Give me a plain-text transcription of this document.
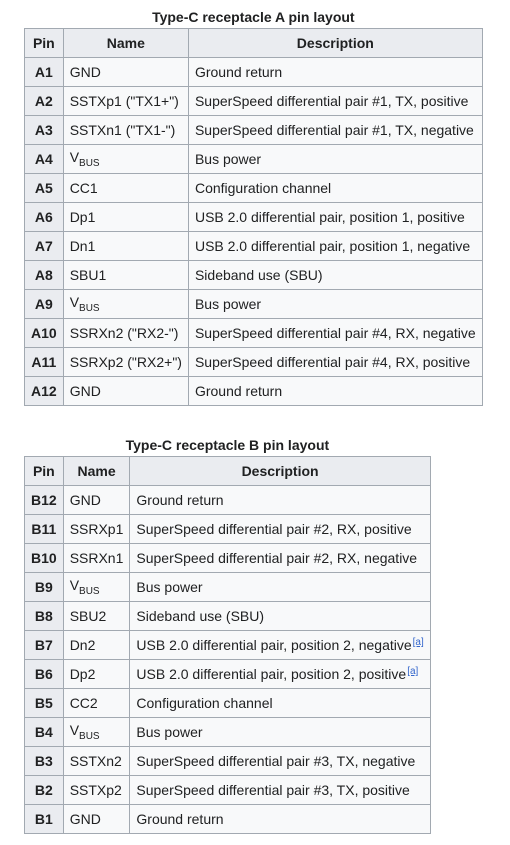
Type-C receptacle A pin layout
Pin	Name	Description
A1	GND	Ground return
A2	SSTXp1 ("TX1+")	SuperSpeed differential pair #1, TX, positive
A3	SSTXn1 ("TX1-")	SuperSpeed differential pair #1, TX, negative
A4	$V_{BUS}$	Bus power
A5	CC1	Configuration channel
A6	Dp1	USB 2.0 differential pair, position 1, positive
A7	Dn1	USB 2.0 differential pair, position 1, negative
A8	SBU1	Sideband use (SBU)
A9	$V_{BUS}$	Bus power
A10	SSRXn2 ("RX2-")	SuperSpeed differential pair #4, RX, negative
A11	SSRXp2 ("RX2+")	SuperSpeed differential pair #4, RX, positive
A12	GND	Ground return
Type-C receptacle B pin layout
Pin	Name	Description
B12	GND	Ground return
B11	SSRXp1	SuperSpeed differential pair #2, RX, positive
B10	SSRXn1	SuperSpeed differential pair #2, RX, negative
B9	$V_{BUS}$	Bus power
B8	SBU2	Sideband use (SBU)
B7	Dn2	USB 2.0 differential pair, position 2, negative[a]
B6	Dp2	USB 2.0 differential pair, position 2, positive[a]
B5	CC2	Configuration channel
B4	$V_{BUS}$	Bus power
B3	SSTXn2	SuperSpeed differential pair #3, TX, negative
B2	SSTXp2	SuperSpeed differential pair #3, TX, positive
B1	GND	Ground return
